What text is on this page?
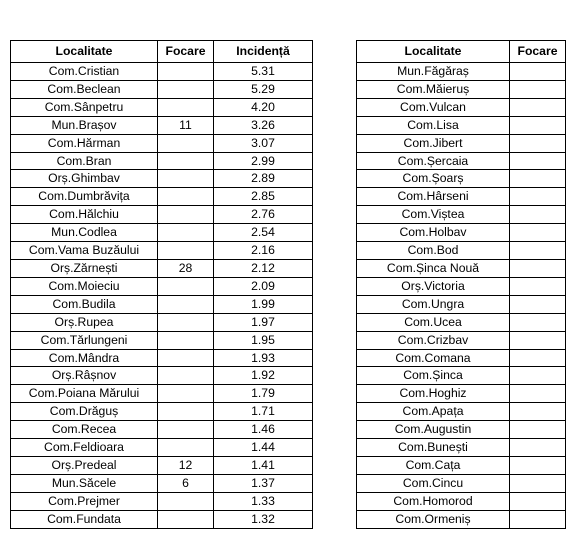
Localitate	Focare	Incidență
Com.Cristian		5.31
Com.Beclean		5.29
Com.Sânpetru		4.20
Mun.Brașov	11	3.26
Com.Hărman		3.07
Com.Bran		2.99
Orș.Ghimbav		2.89
Com.Dumbrăvița		2.85
Com.Hălchiu		2.76
Mun.Codlea		2.54
Com.Vama Buzăului		2.16
Orș.Zărnești	28	2.12
Com.Moieciu		2.09
Com.Budila		1.99
Orș.Rupea		1.97
Com.Tărlungeni		1.95
Com.Mândra		1.93
Orș.Râșnov		1.92
Com.Poiana Mărului		1.79
Com.Drăguș		1.71
Com.Recea		1.46
Com.Feldioara		1.44
Orș.Predeal	12	1.41
Mun.Săcele	6	1.37
Com.Prejmer		1.33
Com.Fundata		1.32
Localitate	Focare
Mun.Făgăraș	
Com.Măieruș	
Com.Vulcan	
Com.Lisa	
Com.Jibert	
Com.Șercaia	
Com.Șoarș	
Com.Hârseni	
Com.Viștea	
Com.Holbav	
Com.Bod	
Com.Șinca Nouă	
Orș.Victoria	
Com.Ungra	
Com.Ucea	
Com.Crizbav	
Com.Comana	
Com.Șinca	
Com.Hoghiz	
Com.Apața	
Com.Augustin	
Com.Bunești	
Com.Cața	
Com.Cincu	
Com.Homorod	
Com.Ormeniș	
